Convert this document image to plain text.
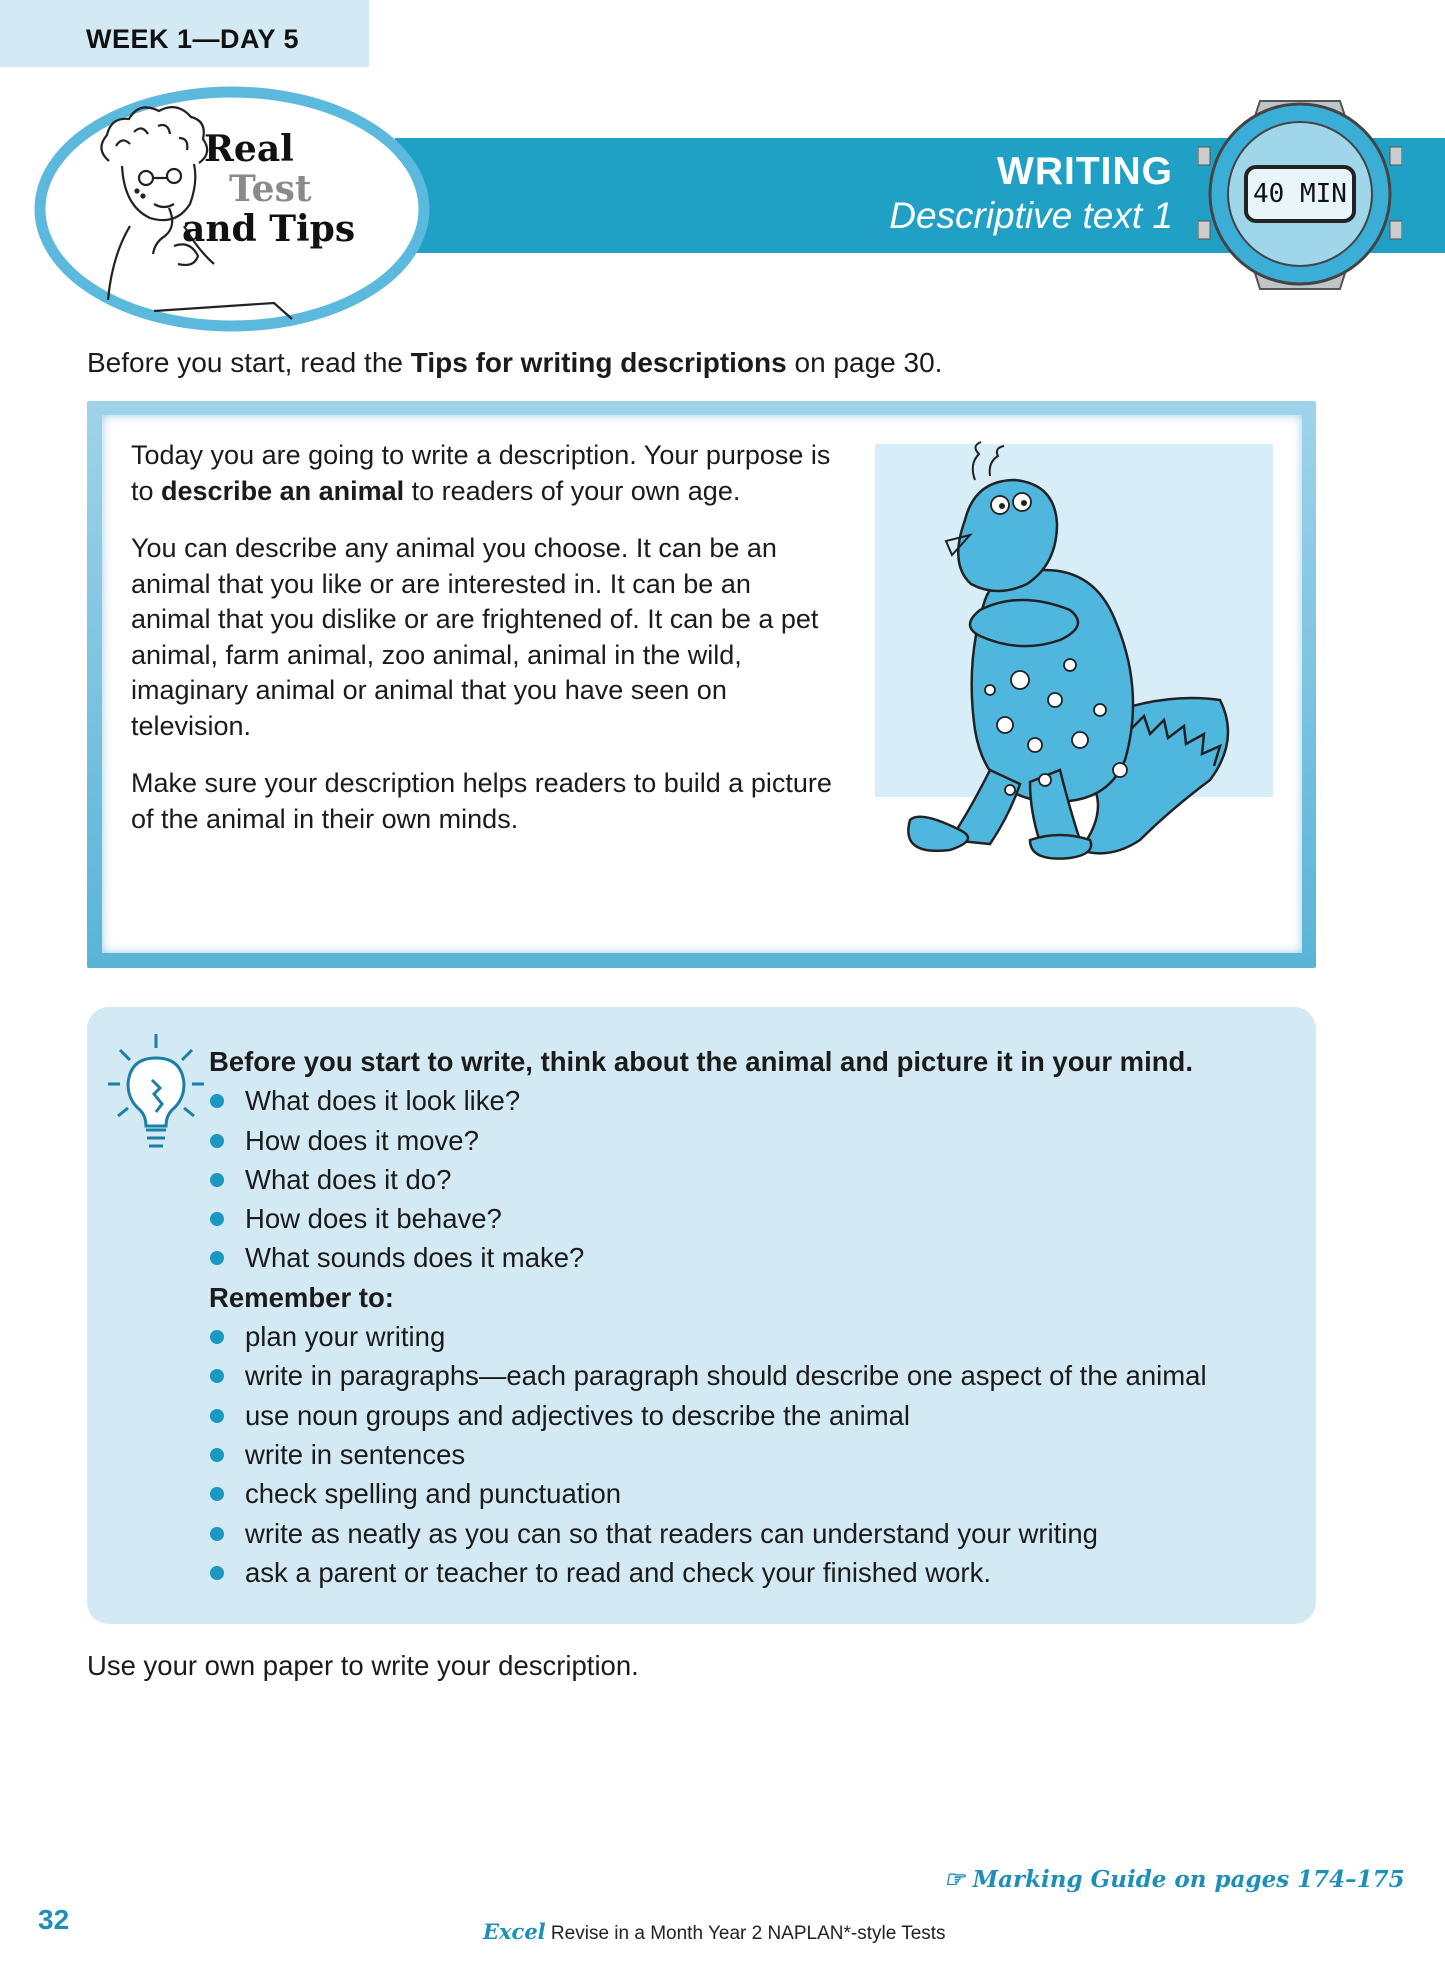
WEEK 1—DAY 5
WRITING
Descriptive text 1
Real
Test
and Tips
40 MIN
Before you start, read the Tips for writing descriptions on page 30.

Today you are going to write a description. Your purpose is to describe an animal to readers of your own age.

You can describe any animal you choose. It can be an animal that you like or are interested in. It can be an animal that you dislike or are frightened of. It can be a pet animal, farm animal, zoo animal, animal in the wild, imaginary animal or animal that you have seen on television.

Make sure your description helps readers to build a picture of the animal in their own minds.

Before you start to write, think about the animal and picture it in your mind.
What does it look like?
How does it move?
What does it do?
How does it behave?
What sounds does it make?
Remember to:
plan your writing
write in paragraphs—each paragraph should describe one aspect of the animal
use noun groups and adjectives to describe the animal
write in sentences
check spelling and punctuation
write as neatly as you can so that readers can understand your writing
ask a parent or teacher to read and check your finished work.
Use your own paper to write your description.
☞ Marking Guide on pages 174–175
32	Excel Revise in a Month Year 2 NAPLAN*-style Tests
